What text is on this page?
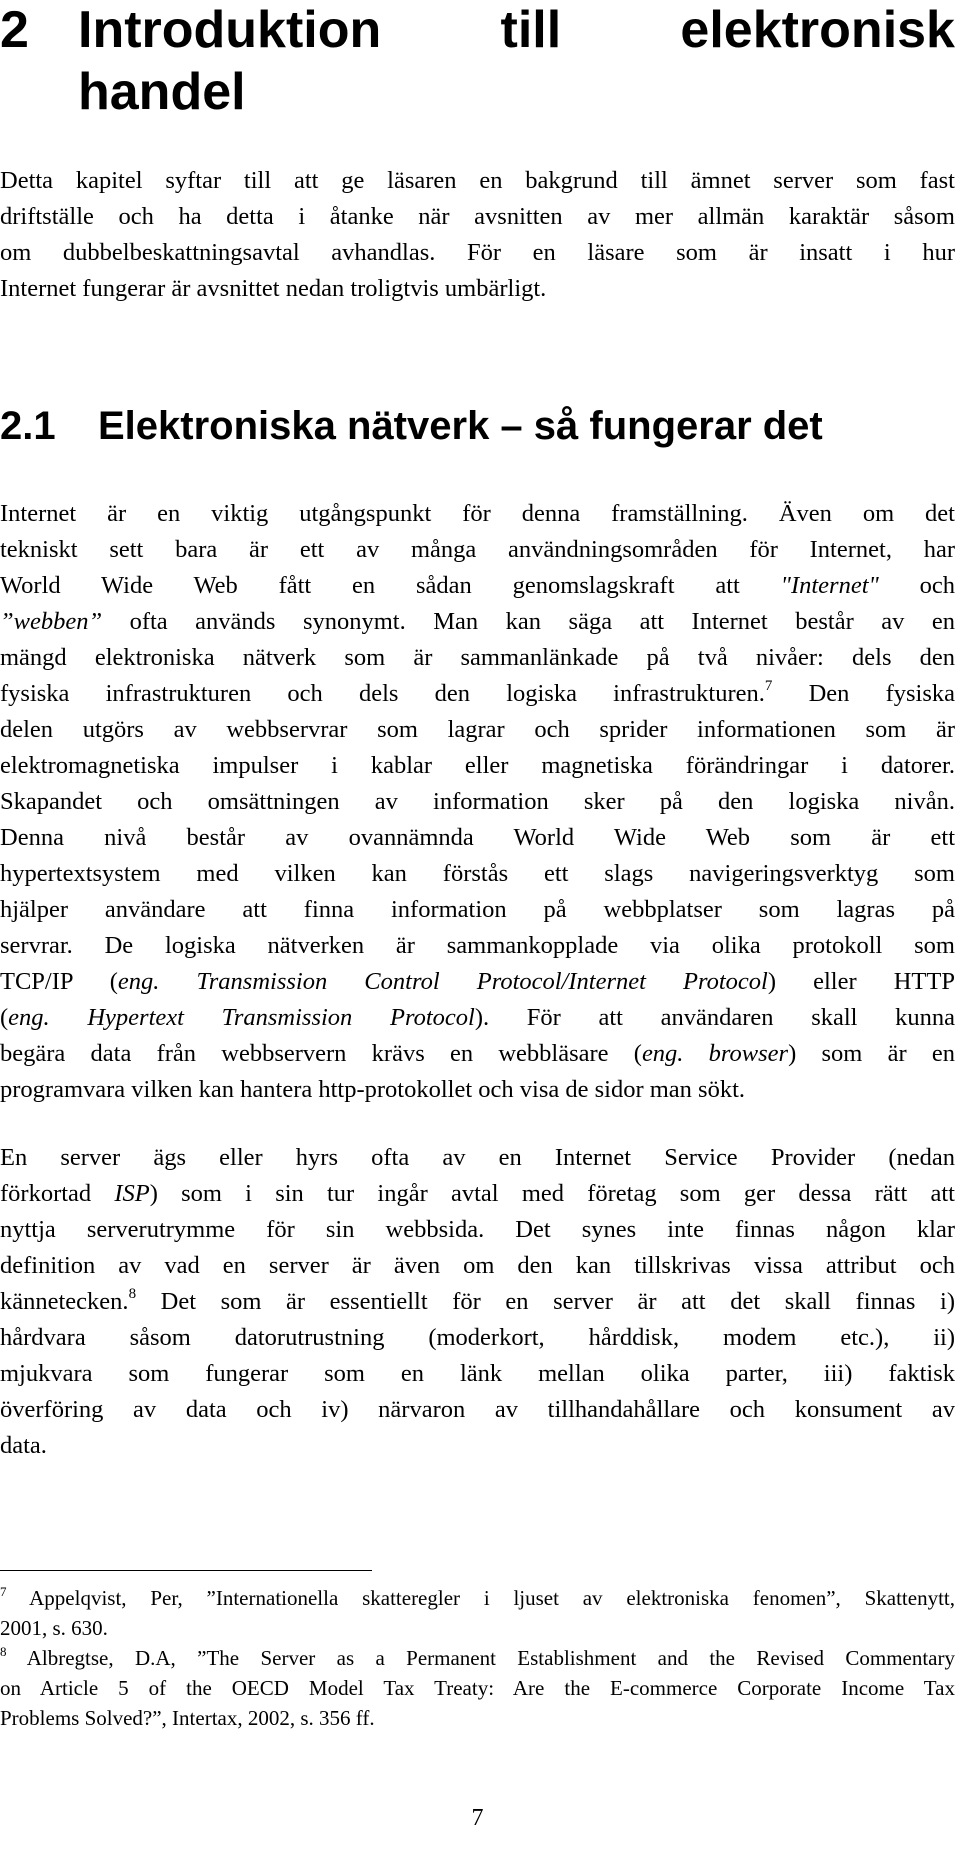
2 Introduktion till elektronisk
handel
Detta kapitel syftar till att ge läsaren en bakgrund till ämnet server som fast
driftställe och ha detta i åtanke när avsnitten av mer allmän karaktär såsom
om dubbelbeskattningsavtal avhandlas. För en läsare som är insatt i hur
Internet fungerar är avsnittet nedan troligtvis umbärligt.
2.1 Elektroniska nätverk – så fungerar det
Internet är en viktig utgångspunkt för denna framställning. Även om det
tekniskt sett bara är ett av många användningsområden för Internet, har
World Wide Web fått en sådan genomslagskraft att "Internet" och
”webben” ofta används synonymt. Man kan säga att Internet består av en
mängd elektroniska nätverk som är sammanlänkade på två nivåer: dels den
fysiska infrastrukturen och dels den logiska infrastrukturen.$^7$ Den fysiska
delen utgörs av webbservrar som lagrar och sprider informationen som är
elektromagnetiska impulser i kablar eller magnetiska förändringar i datorer.
Skapandet och omsättningen av information sker på den logiska nivån.
Denna nivå består av ovannämnda World Wide Web som är ett
hypertextsystem med vilken kan förstås ett slags navigeringsverktyg som
hjälper användare att finna information på webbplatser som lagras på
servrar. De logiska nätverken är sammankopplade via olika protokoll som
TCP/IP (eng. Transmission Control Protocol/Internet Protocol) eller HTTP
(eng. Hypertext Transmission Protocol). För att användaren skall kunna
begära data från webbservern krävs en webbläsare (eng. browser) som är en
programvara vilken kan hantera http-protokollet och visa de sidor man sökt.
En server ägs eller hyrs ofta av en Internet Service Provider (nedan
förkortad ISP) som i sin tur ingår avtal med företag som ger dessa rätt att
nyttja serverutrymme för sin webbsida. Det synes inte finnas någon klar
definition av vad en server är även om den kan tillskrivas vissa attribut och
kännetecken.$^8$ Det som är essentiellt för en server är att det skall finnas i)
hårdvara såsom datorutrustning (moderkort, hårddisk, modem etc.), ii)
mjukvara som fungerar som en länk mellan olika parter, iii) faktisk
överföring av data och iv) närvaron av tillhandahållare och konsument av
data.
$^7$ Appelqvist, Per, ”Internationella skatteregler i ljuset av elektroniska fenomen”, Skattenytt,
2001, s. 630.
$^8$ Albregtse, D.A, ”The Server as a Permanent Establishment and the Revised Commentary
on Article 5 of the OECD Model Tax Treaty: Are the E-commerce Corporate Income Tax
Problems Solved?”, Intertax, 2002, s. 356 ff.
7
